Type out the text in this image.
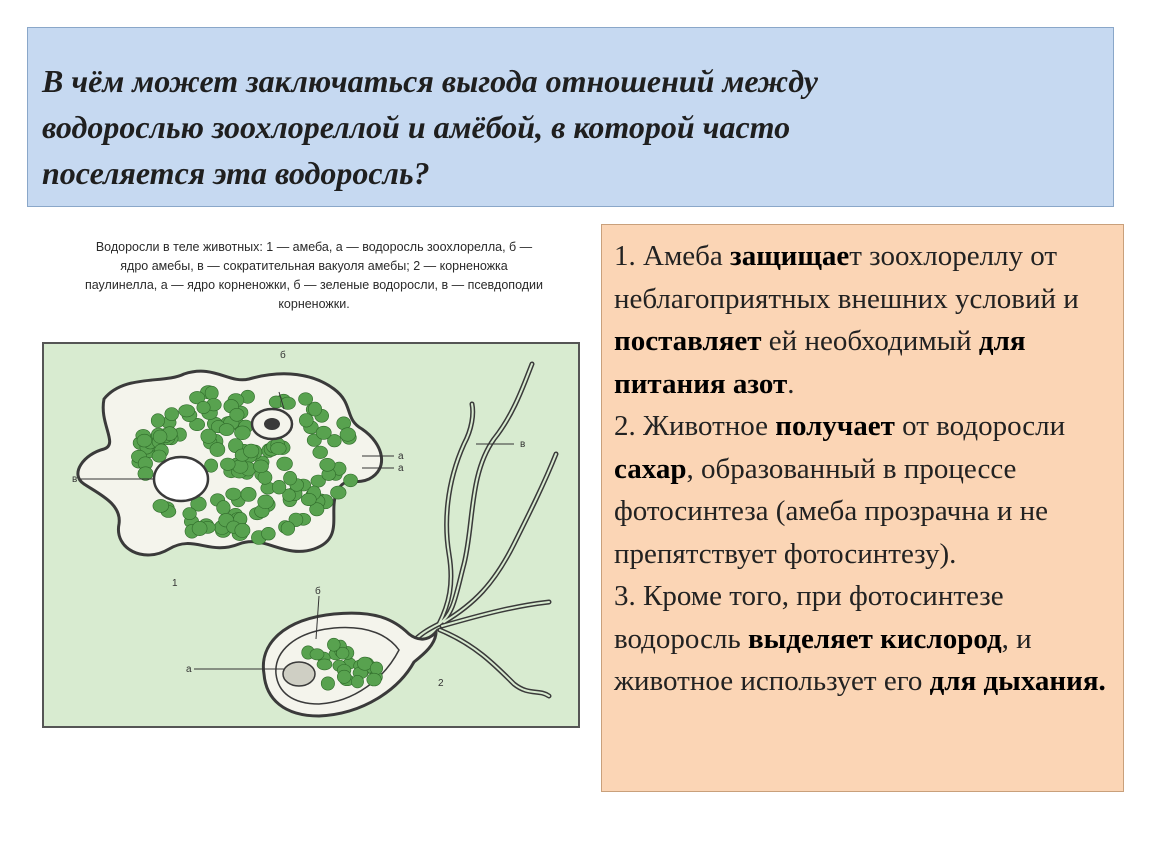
В чём может заключаться выгода отношений между
водорослью зоохлореллой и амёбой, в которой часто
поселяется эта водоросль?

Водоросли в теле животных: 1 — амеба, а — водоросль зоохлорелла, б —
ядро амебы, в — сократительная вакуоля амебы; 2 — корненожка
паулинелла, а — ядро корненожки, б — зеленые водоросли, в — псевдоподии
корненожки.
б
а
а
в
1
б
а
в
2

1. Амеба защищает зоохлореллу от неблагоприятных внешних условий и поставляет ей необходимый для питания азот.

2. Животное получает от водоросли сахар, образованный в процессе фотосинтеза (амеба прозрачна и не препятствует фотосинтезу).

3. Кроме того, при фотосинтезе водоросль выделяет кислород, и животное использует его для дыхания.
